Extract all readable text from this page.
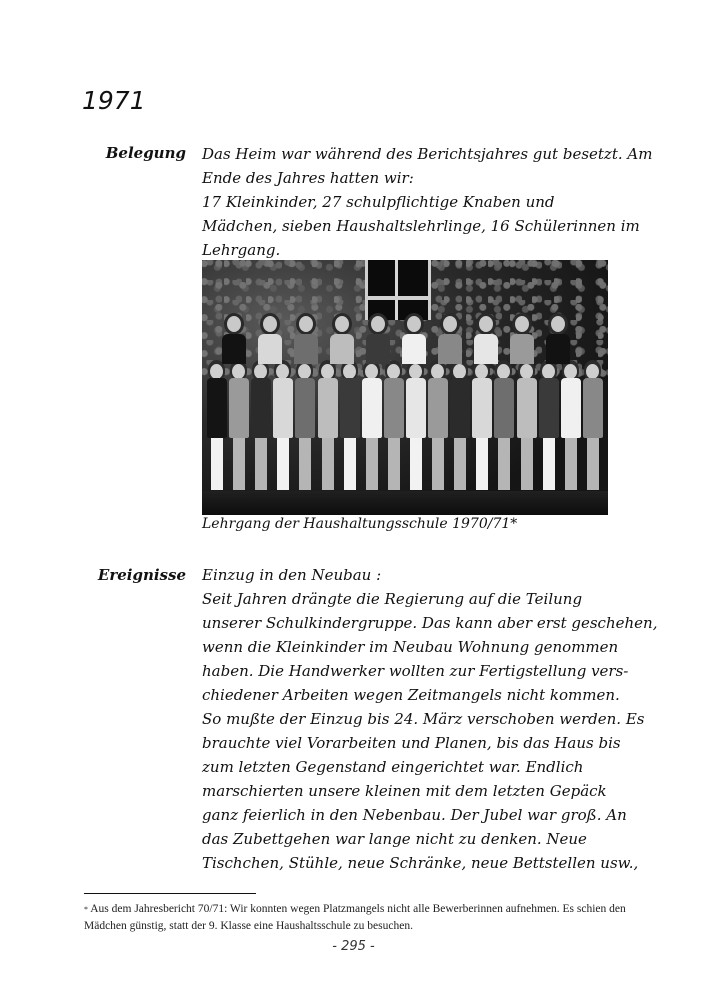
1971
Belegung Das Heim war während des Berichtsjahres gut besetzt. Am
Ende des Jahres hatten wir:
17 Kleinkinder, 27 schulpflichtige Knaben und
Mädchen, sieben Haushaltslehrlinge, 16 Schülerinnen im
Lehrgang.
Lehrgang der Haushaltungsschule 1970/71*
Ereignisse Einzug in den Neubau :
Seit Jahren drängte die Regierung auf die Teilung
unserer Schulkindergruppe. Das kann aber erst geschehen,
wenn die Kleinkinder im Neubau Wohnung genommen
haben. Die Handwerker wollten zur Fertigstellung vers-
chiedener Arbeiten wegen Zeitmangels nicht kommen.
So mußte der Einzug bis 24. März verschoben werden. Es
brauchte viel Vorarbeiten und Planen, bis das Haus bis
zum letzten Gegenstand eingerichtet war. Endlich
marschierten unsere kleinen mit dem letzten Gepäck
ganz feierlich in den Nebenbau. Der Jubel war groß. An
das Zubettgehen war lange nicht zu denken. Neue
Tischchen, Stühle, neue Schränke, neue Bettstellen usw.,
* Aus dem Jahresbericht 70/71: Wir konnten wegen Platzmangels nicht alle Bewerberinnen aufnehmen. Es schien den Mädchen günstig, statt der 9. Klasse eine Haushaltsschule zu besuchen.
- 295 -
